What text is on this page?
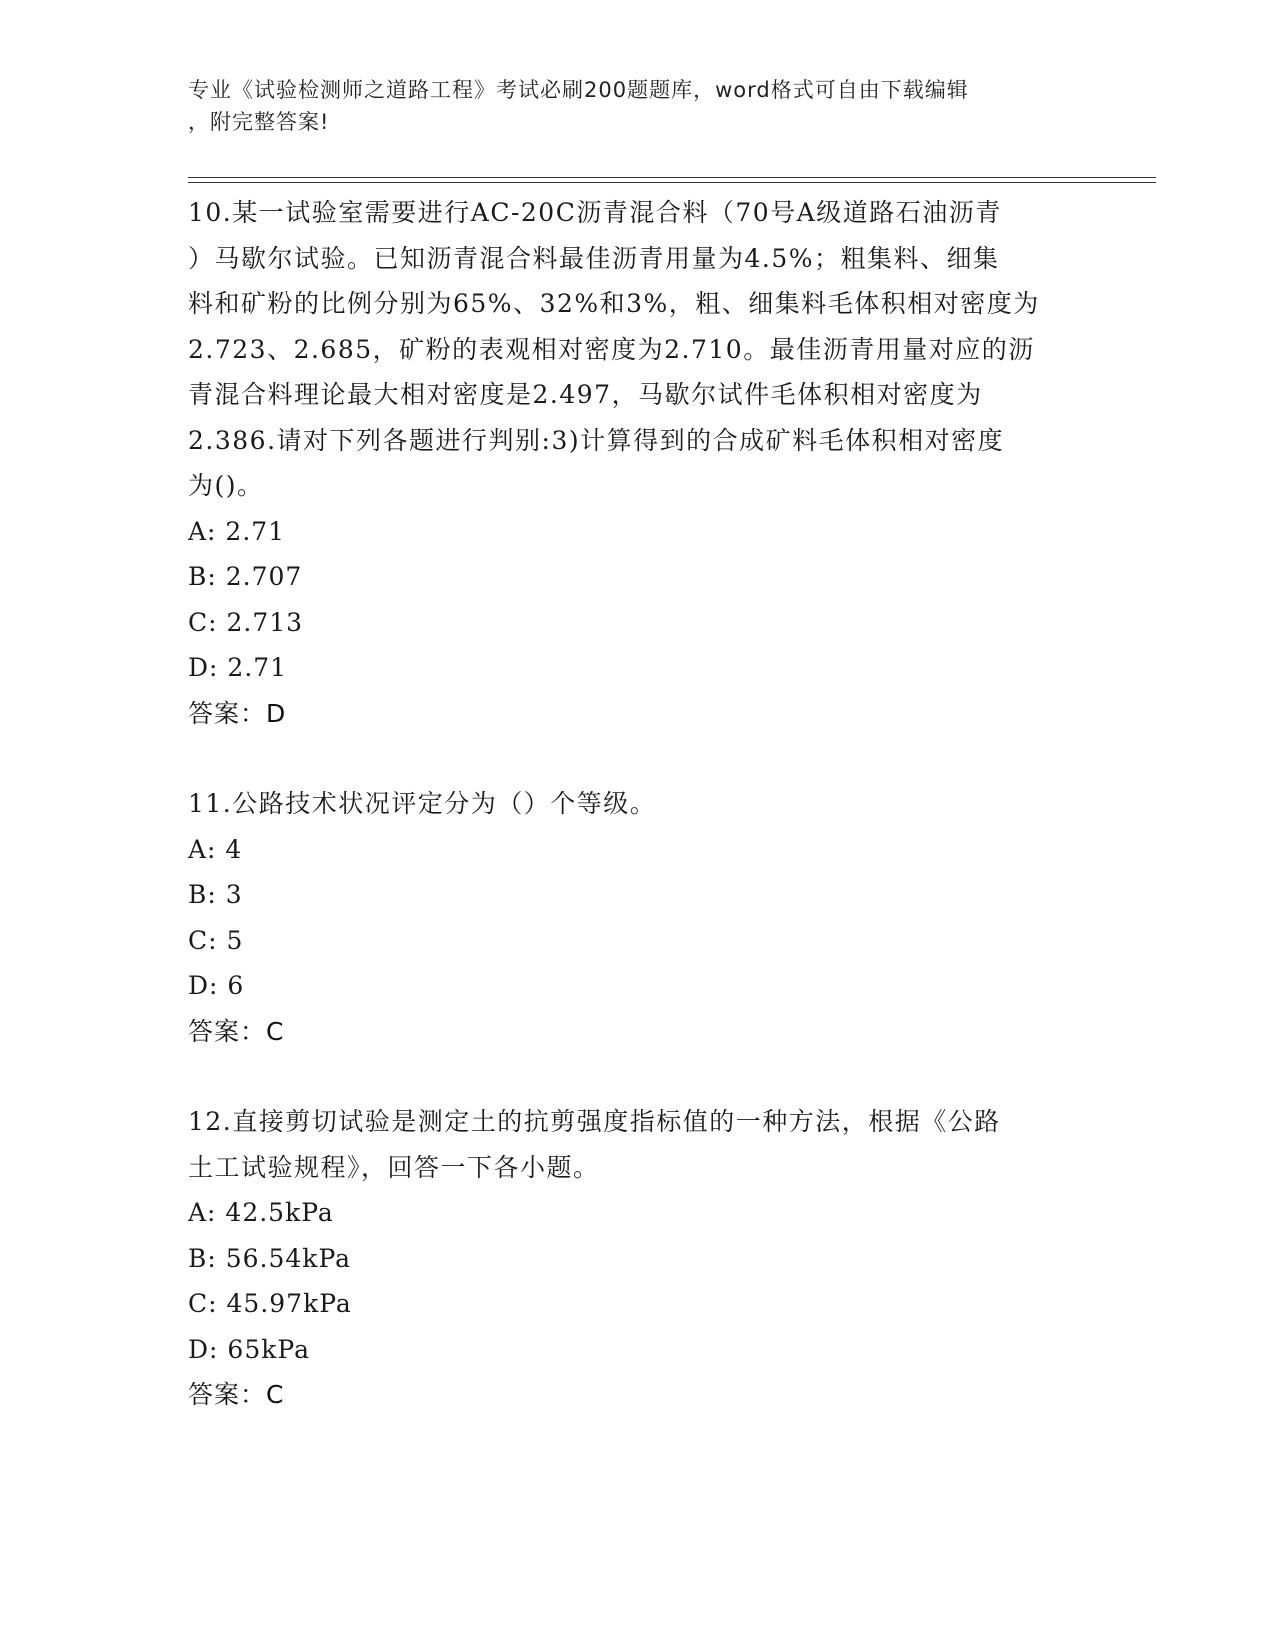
专业《试验检测师之道路工程》考试必刷200题题库，word格式可自由下载编辑
，附完整答案!

10.某一试验室需要进行AC-20C沥青混合料（70号A级道路石油沥青

）马歇尔试验。已知沥青混合料最佳沥青用量为4.5%；粗集料、细集

料和矿粉的比例分别为65%、32%和3%，粗、细集料毛体积相对密度为

2.723、2.685，矿粉的表观相对密度为2.710。最佳沥青用量对应的沥

青混合料理论最大相对密度是2.497，马歇尔试件毛体积相对密度为

2.386.请对下列各题进行判别:3)计算得到的合成矿料毛体积相对密度

为()。

A: 2.71

B: 2.707

C: 2.713

D: 2.71

答案：D

11.公路技术状况评定分为（）个等级。

A: 4

B: 3

C: 5

D: 6

答案：C

12.直接剪切试验是测定土的抗剪强度指标值的一种方法，根据《公路

土工试验规程》，回答一下各小题。

A: 42.5kPa

B: 56.54kPa

C: 45.97kPa

D: 65kPa

答案：C
